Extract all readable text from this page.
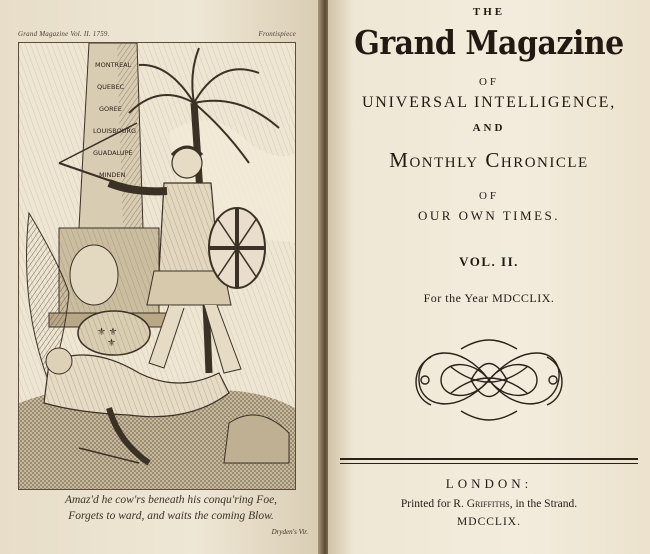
Grand Magazine Vol. II. 1759.	Frontispiece
MONTREAL
QUEBEC
GOREE
LOUISBOURG
GUADALUPE
MINDEN
⚜ ⚜
⚜
Amaz'd he cow'rs beneath his conqu'ring Foe,
Forgets to ward, and waits the coming Blow.
Dryden's Vir.
THE
Grand Magazine
OF
UNIVERSAL INTELLIGENCE,
AND
Monthly Chronicle
OF
OUR OWN TIMES.
VOL. II.
For the Year MDCCLIX.
LONDON:
Printed for R. Griffiths, in the Strand.
MDCCLIX.
